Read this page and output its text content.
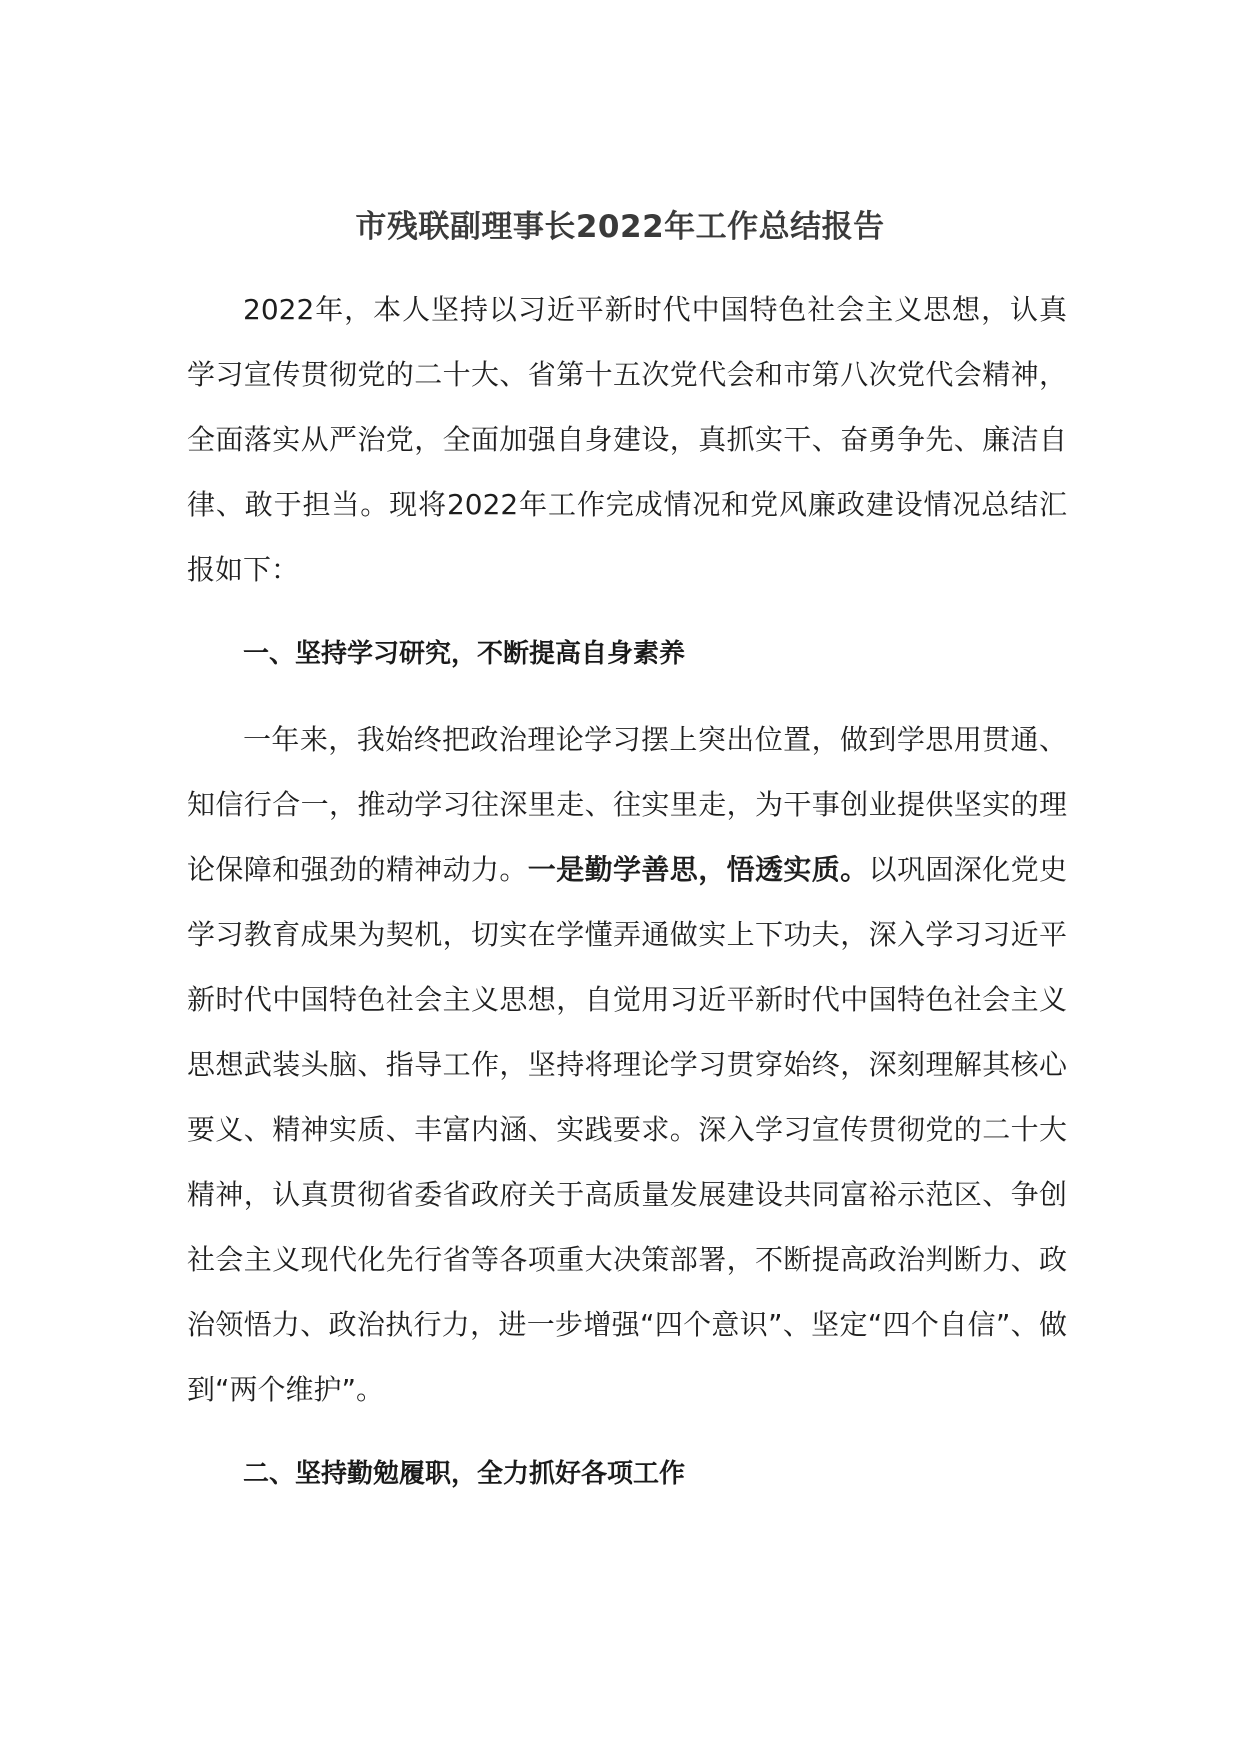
市残联副理事长2022年工作总结报告

2022年，本人坚持以习近平新时代中国特色社会主义思想，认真学习宣传贯彻党的二十大、省第十五次党代会和市第八次党代会精神，全面落实从严治党，全面加强自身建设，真抓实干、奋勇争先、廉洁自律、敢于担当。现将2022年工作完成情况和党风廉政建设情况总结汇报如下：

一、坚持学习研究，不断提高自身素养

一年来，我始终把政治理论学习摆上突出位置，做到学思用贯通、知信行合一，推动学习往深里走、往实里走，为干事创业提供坚实的理论保障和强劲的精神动力。一是勤学善思，悟透实质。以巩固深化党史学习教育成果为契机，切实在学懂弄通做实上下功夫，深入学习习近平新时代中国特色社会主义思想，自觉用习近平新时代中国特色社会主义思想武装头脑、指导工作，坚持将理论学习贯穿始终，深刻理解其核心要义、精神实质、丰富内涵、实践要求。深入学习宣传贯彻党的二十大精神，认真贯彻省委省政府关于高质量发展建设共同富裕示范区、争创社会主义现代化先行省等各项重大决策部署，不断提高政治判断力、政治领悟力、政治执行力，进一步增强“四个意识”、坚定“四个自信”、做到“两个维护”。

二、坚持勤勉履职，全力抓好各项工作
